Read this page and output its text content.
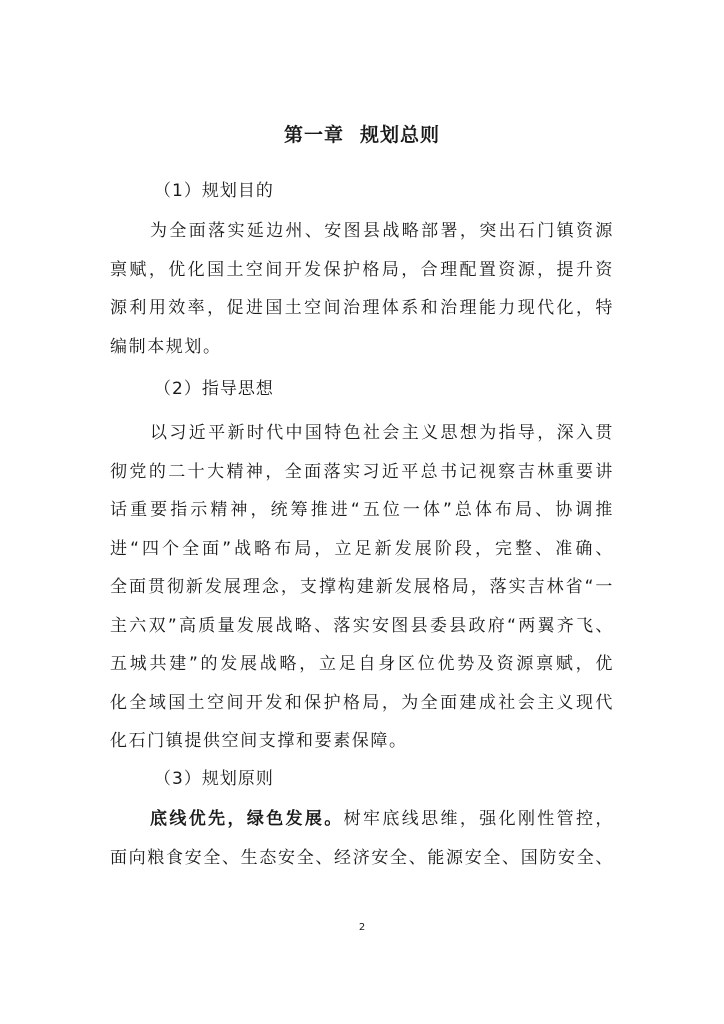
第一章 规划总则
（1）规划目的
为全面落实延边州、安图县战略部署，突出石门镇资源
禀赋，优化国土空间开发保护格局，合理配置资源，提升资
源利用效率，促进国土空间治理体系和治理能力现代化，特
编制本规划。
（2）指导思想
以习近平新时代中国特色社会主义思想为指导，深入贯
彻党的二十大精神，全面落实习近平总书记视察吉林重要讲
话重要指示精神，统筹推进“五位一体”总体布局、协调推
进“四个全面”战略布局，立足新发展阶段，完整、准确、
全面贯彻新发展理念，支撑构建新发展格局，落实吉林省“一
主六双”高质量发展战略、落实安图县委县政府“两翼齐飞、
五城共建”的发展战略，立足自身区位优势及资源禀赋，优
化全域国土空间开发和保护格局，为全面建成社会主义现代
化石门镇提供空间支撑和要素保障。
（3）规划原则
底线优先，绿色发展。树牢底线思维，强化刚性管控，
面向粮食安全、生态安全、经济安全、能源安全、国防安全、
2
